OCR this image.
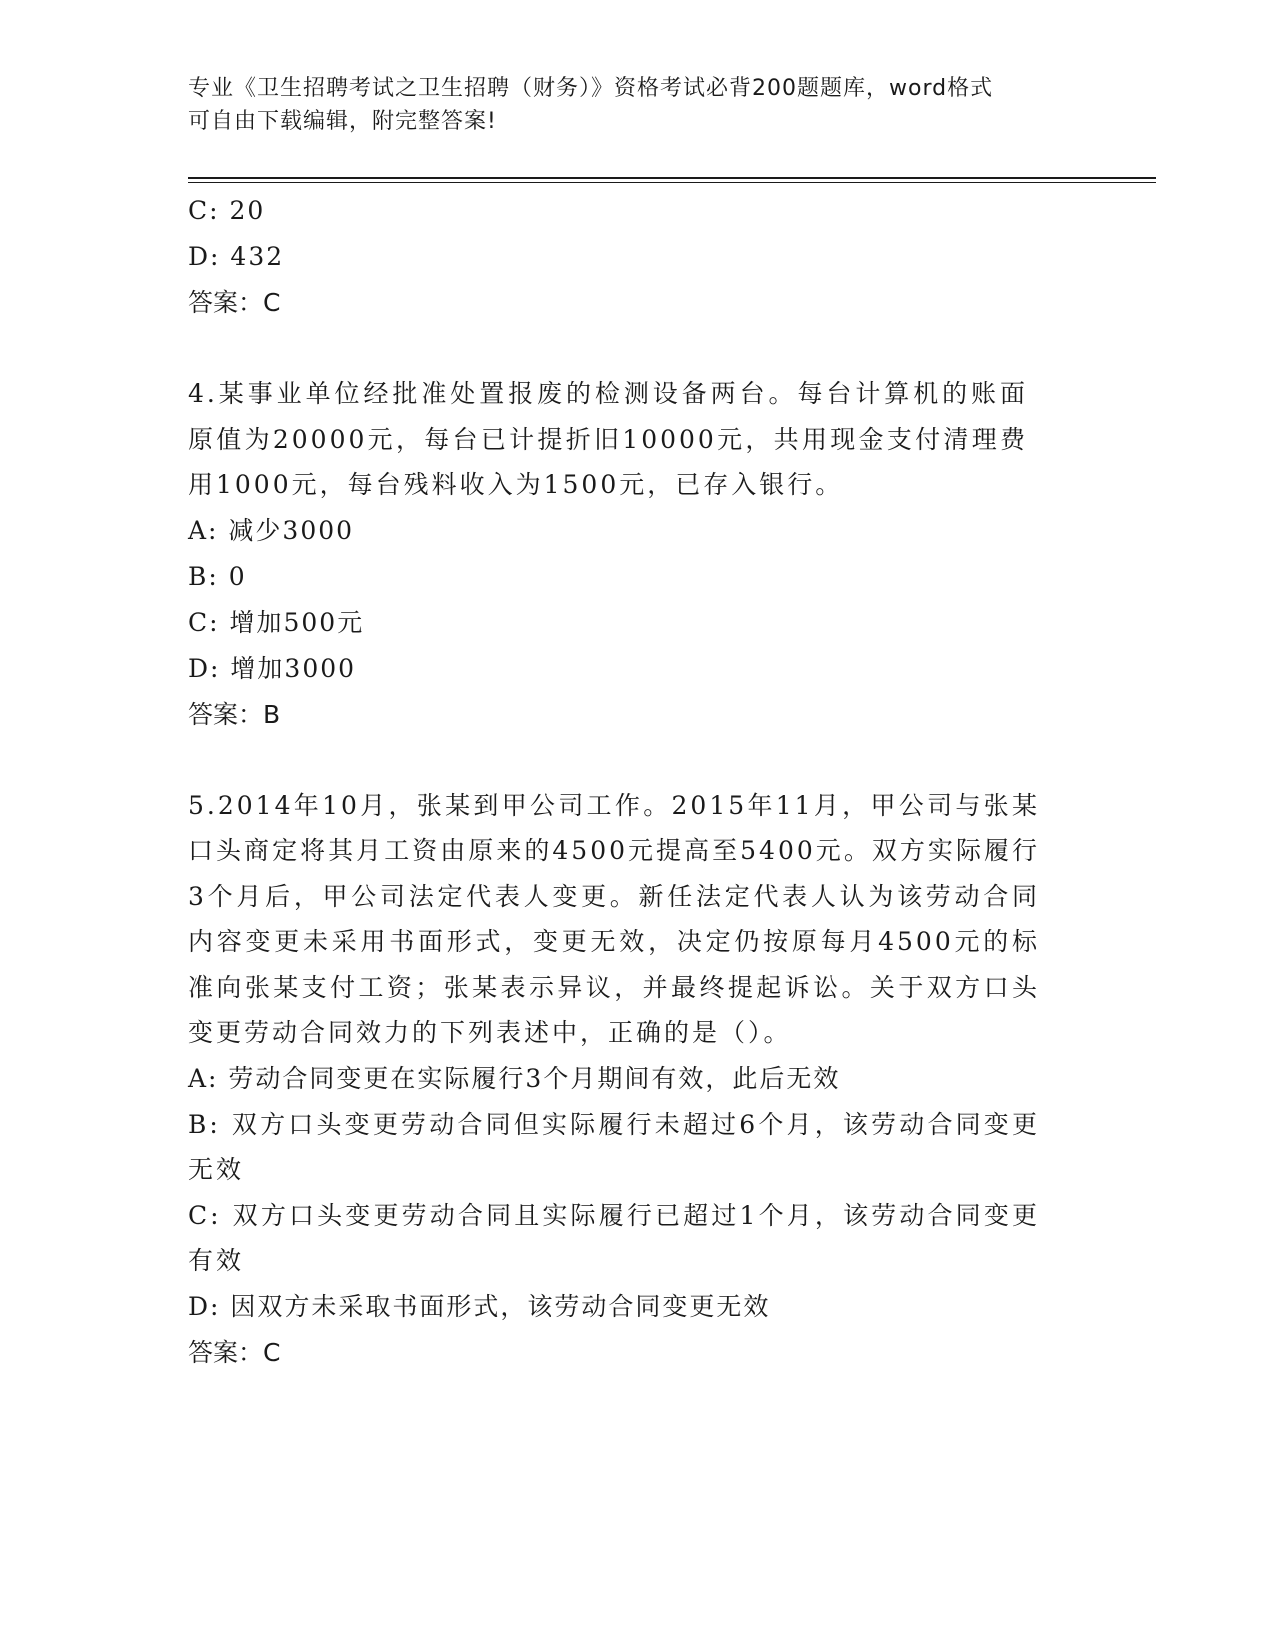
专业《卫生招聘考试之卫生招聘（财务）》资格考试必背200题题库，word格式
可自由下载编辑，附完整答案!

C: 20

D: 432

答案：C

4.某事业单位经批准处置报废的检测设备两台。每台计算机的账面原值为20000元，每台已计提折旧10000元，共用现金支付清理费用1000元，每台残料收入为1500元，已存入银行。

A: 减少3000

B: 0

C: 增加500元

D: 增加3000

答案：B

5.2014年10月，张某到甲公司工作。2015年11月，甲公司与张某口头商定将其月工资由原来的4500元提高至5400元。双方实际履行3个月后，甲公司法定代表人变更。新任法定代表人认为该劳动合同内容变更未采用书面形式，变更无效，决定仍按原每月4500元的标准向张某支付工资；张某表示异议，并最终提起诉讼。关于双方口头变更劳动合同效力的下列表述中，正确的是（）。

A: 劳动合同变更在实际履行3个月期间有效，此后无效

B: 双方口头变更劳动合同但实际履行未超过6个月，该劳动合同变更无效

C: 双方口头变更劳动合同且实际履行已超过1个月，该劳动合同变更有效

D: 因双方未采取书面形式，该劳动合同变更无效

答案：C
